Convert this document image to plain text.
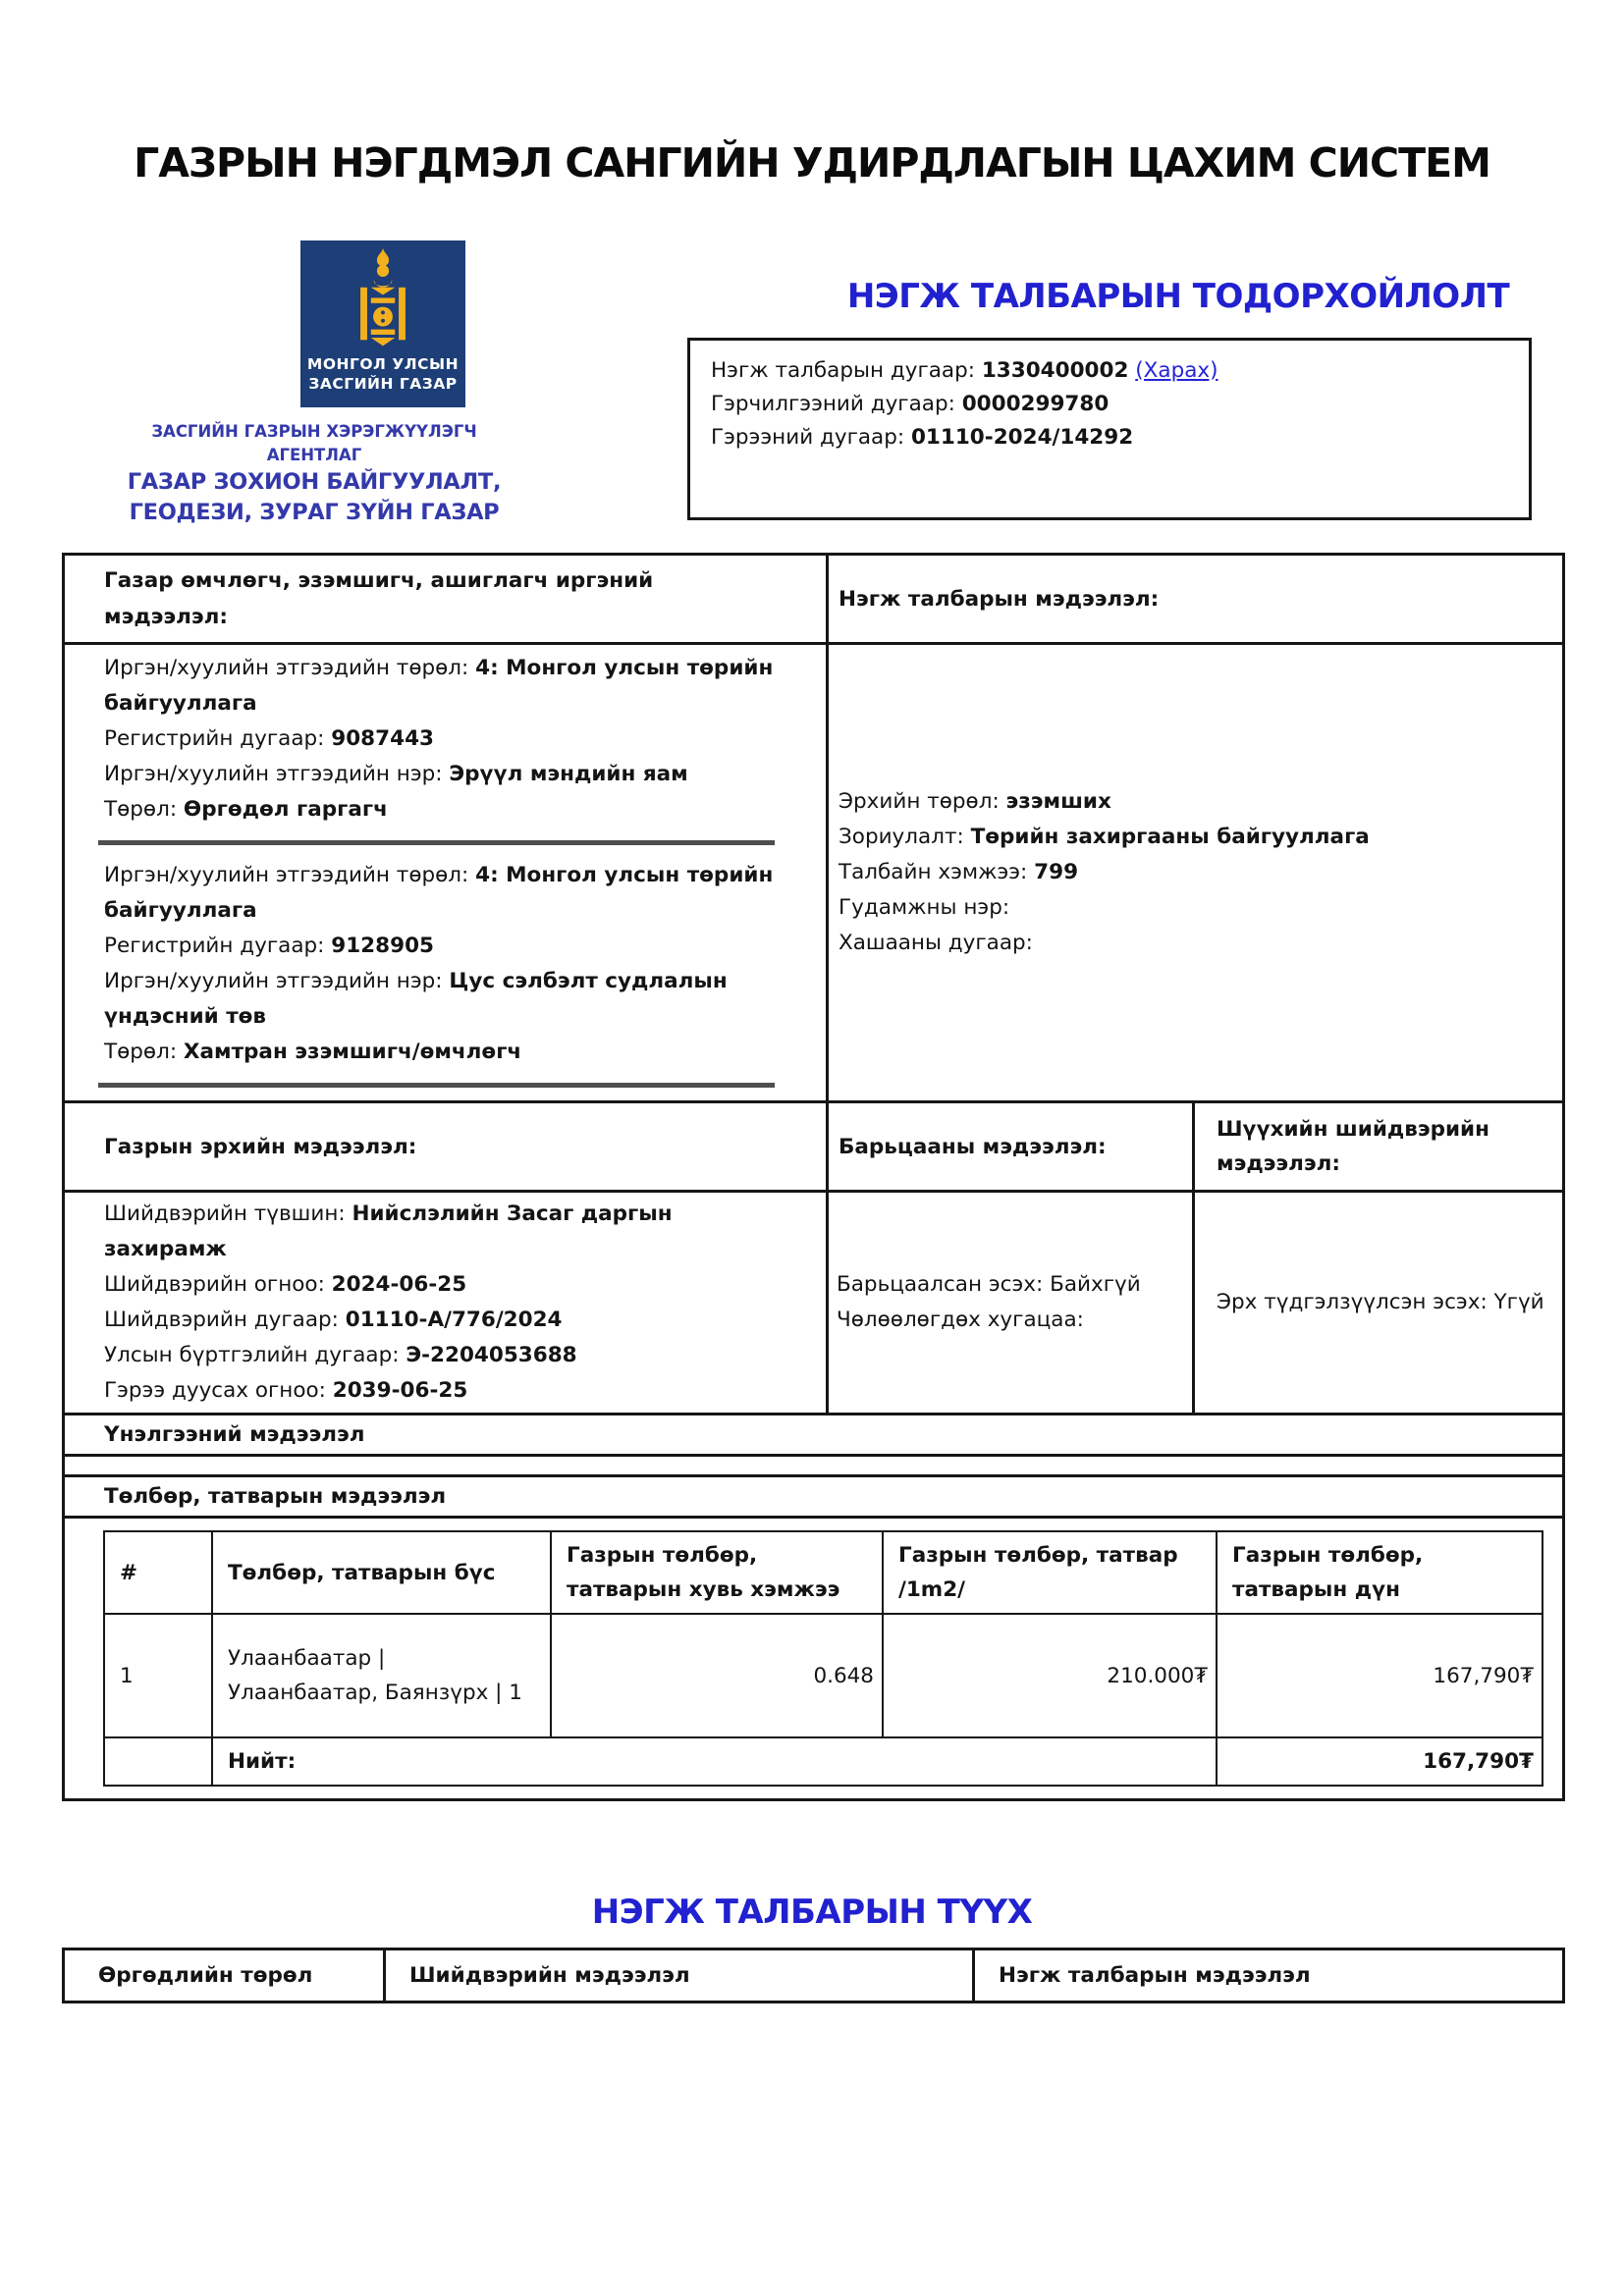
ГАЗРЫН НЭГДМЭЛ САНГИЙН УДИРДЛАГЫН ЦАХИМ СИСТЕМ
МОНГОЛ УЛСЫН
ЗАСГИЙН ГАЗАР
ЗАСГИЙН ГАЗРЫН ХЭРЭГЖҮҮЛЭГЧ АГЕНТЛАГ
ГАЗАР ЗОХИОН БАЙГУУЛАЛТ,
ГЕОДЕЗИ, ЗУРАГ ЗҮЙН ГАЗАР
НЭГЖ ТАЛБАРЫН ТОДОРХОЙЛОЛТ
Нэгж талбарын дугаар: 1330400002 (Харах)
Гэрчилгээний дугаар: 0000299780
Гэрээний дугаар: 01110-2024/14292
Газар өмчлөгч, эзэмшигч, ашиглагч иргэний мэдээлэл:	Нэгж талбарын мэдээлэл:

Иргэн/хуулийн этгээдийн төрөл: 4: Монгол улсын төрийн байгууллага
Регистрийн дугаар: 9087443
Иргэн/хуулийн этгээдийн нэр: Эрүүл мэндийн яам
Төрөл: Өргөдөл гаргагч
Иргэн/хуулийн этгээдийн төрөл: 4: Монгол улсын төрийн байгууллага
Регистрийн дугаар: 9128905
Иргэн/хуулийн этгээдийн нэр: Цус сэлбэлт судлалын үндэсний төв
Төрөл: Хамтран эзэмшигч/өмчлөгч

Эрхийн төрөл: эзэмших
Зориулалт: Төрийн захиргааны байгууллага
Талбайн хэмжээ: 799
Гудамжны нэр:
Хашааны дугаар:

Газрын эрхийн мэдээлэл:	Барьцааны мэдээлэл:	Шүүхийн шийдвэрийн мэдээлэл:

Шийдвэрийн түвшин: Нийслэлийн Засаг даргын захирамж
Шийдвэрийн огноо: 2024-06-25
Шийдвэрийн дугаар: 01110-А/776/2024
Улсын бүртгэлийн дугаар: Э-2204053688
Гэрээ дуусах огноо: 2039-06-25

Барьцаалсан эсэх: Байхгүй
Чөлөөлөгдөх хугацаа:

Эрх түдгэлзүүлсэн эсэх: Үгүй

Үнэлгээний мэдээлэл

Төлбөр, татварын мэдээлэл

#	Төлбөр, татварын бүс	Газрын төлбөр, татварын хувь хэмжээ	Газрын төлбөр, татвар /1m2/	Газрын төлбөр, татварын дүн
1	Улаанбаатар | Улаанбаатар, Баянзүрх | 1	0.648	210.000₮	167,790₮
	Нийт:	167,790₮
НЭГЖ ТАЛБАРЫН ТҮҮХ
Өргөдлийн төрөл	Шийдвэрийн мэдээлэл	Нэгж талбарын мэдээлэл
